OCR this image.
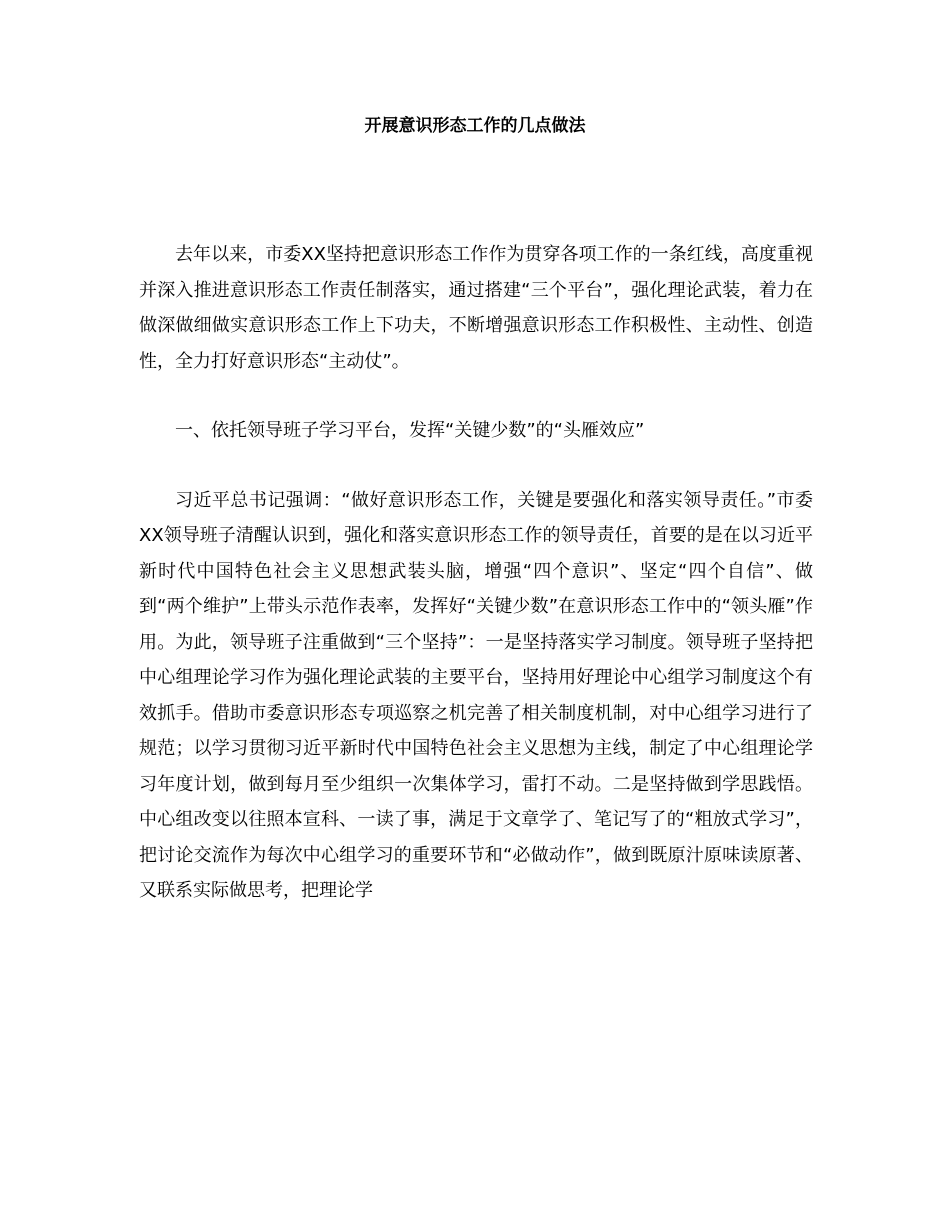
开展意识形态工作的几点做法

去年以来，市委XX坚持把意识形态工作作为贯穿各项工作的一条红线，高度重视并深入推进意识形态工作责任制落实，通过搭建“三个平台”，强化理论武装，着力在做深做细做实意识形态工作上下功夫，不断增强意识形态工作积极性、主动性、创造性，全力打好意识形态“主动仗”。

一、依托领导班子学习平台，发挥“关键少数”的“头雁效应”

习近平总书记强调：“做好意识形态工作，关键是要强化和落实领导责任。”市委XX领导班子清醒认识到，强化和落实意识形态工作的领导责任，首要的是在以习近平新时代中国特色社会主义思想武装头脑，增强“四个意识”、坚定“四个自信”、做到“两个维护”上带头示范作表率，发挥好“关键少数”在意识形态工作中的“领头雁”作用。为此，领导班子注重做到“三个坚持”：一是坚持落实学习制度。领导班子坚持把中心组理论学习作为强化理论武装的主要平台，坚持用好理论中心组学习制度这个有效抓手。借助市委意识形态专项巡察之机完善了相关制度机制，对中心组学习进行了规范；以学习贯彻习近平新时代中国特色社会主义思想为主线，制定了中心组理论学习年度计划，做到每月至少组织一次集体学习，雷打不动。二是坚持做到学思践悟。中心组改变以往照本宣科、一读了事，满足于文章学了、笔记写了的“粗放式学习”，把讨论交流作为每次中心组学习的重要环节和“必做动作”，做到既原汁原味读原著、又联系实际做思考，把理论学
